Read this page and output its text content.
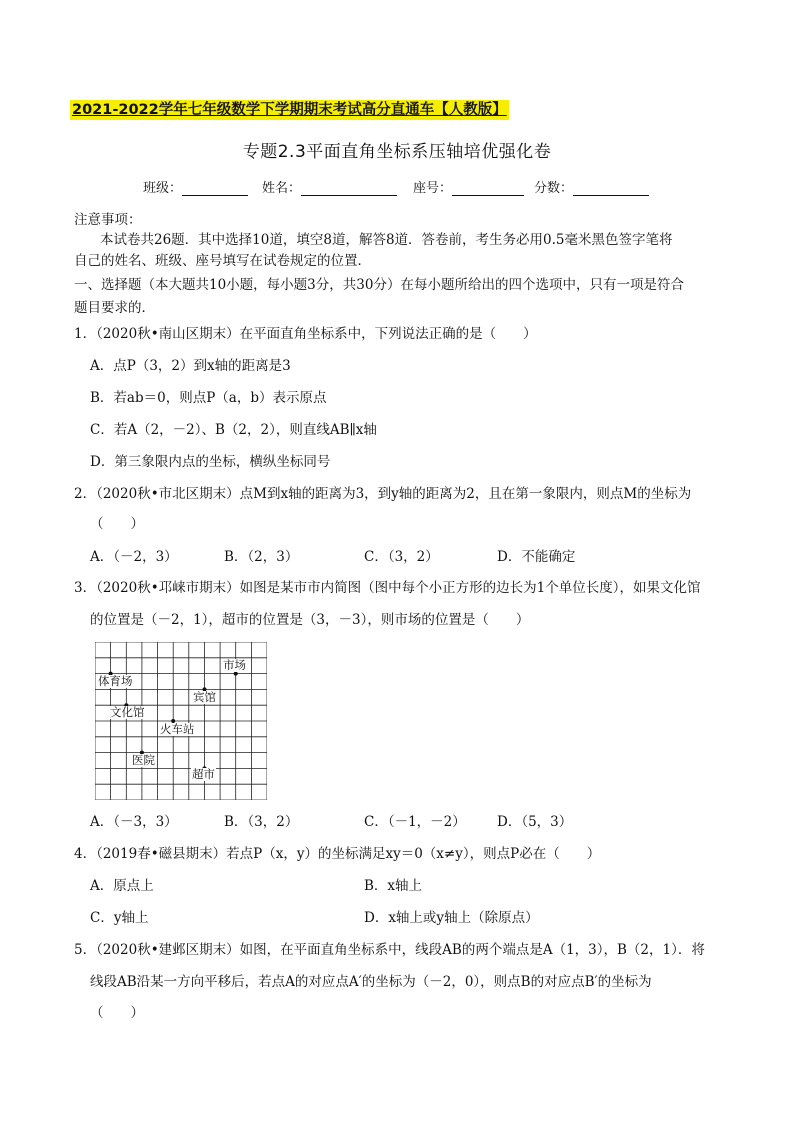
2021-2022学年七年级数学下学期期末考试高分直通车【人教版】
专题2.3平面直角坐标系压轴培优强化卷
班级：	姓名：	座号：	分数：
注意事项：
本试卷共26题．其中选择10道，填空8道，解答8道．答卷前，考生务必用0.5毫米黑色签字笔将
自己的姓名、班级、座号填写在试卷规定的位置．
一、选择题（本大题共10小题，每小题3分，共30分）在每小题所给出的四个选项中，只有一项是符合
题目要求的．
1．（2020秋•南山区期末）在平面直角坐标系中，下列说法正确的是（　　）
A．点P（3，2）到x轴的距离是3
B．若ab＝0，则点P（a，b）表示原点
C．若A（2，－2）、B（2，2），则直线AB∥x轴
D．第三象限内点的坐标，横纵坐标同号
2．（2020秋•市北区期末）点M到x轴的距离为3，到y轴的距离为2，且在第一象限内，则点M的坐标为
（　　）
A．（－2，3）	B．（2，3）	C．（3，2）	D．不能确定
3．（2020秋•邛崃市期末）如图是某市市内简图（图中每个小正方形的边长为1个单位长度），如果文化馆
的位置是（－2，1），超市的位置是（3，－3），则市场的位置是（　　）
市场
体育场
宾馆
文化馆
火车站
医院
超市
A．（－3，3）	B．（3，2）	C．（－1，－2） D．（5，3）
4．（2019春•磁县期末）若点P（x，y）的坐标满足xy＝0（x≠y），则点P必在（　　）
A．原点上	B．x轴上
C．y轴上	D．x轴上或y轴上（除原点）
5．（2020秋•建邺区期末）如图，在平面直角坐标系中，线段AB的两个端点是A（1，3），B（2，1）．将
线段AB沿某一方向平移后，若点A的对应点A′的坐标为（－2，0），则点B的对应点B′的坐标为
（　　）
